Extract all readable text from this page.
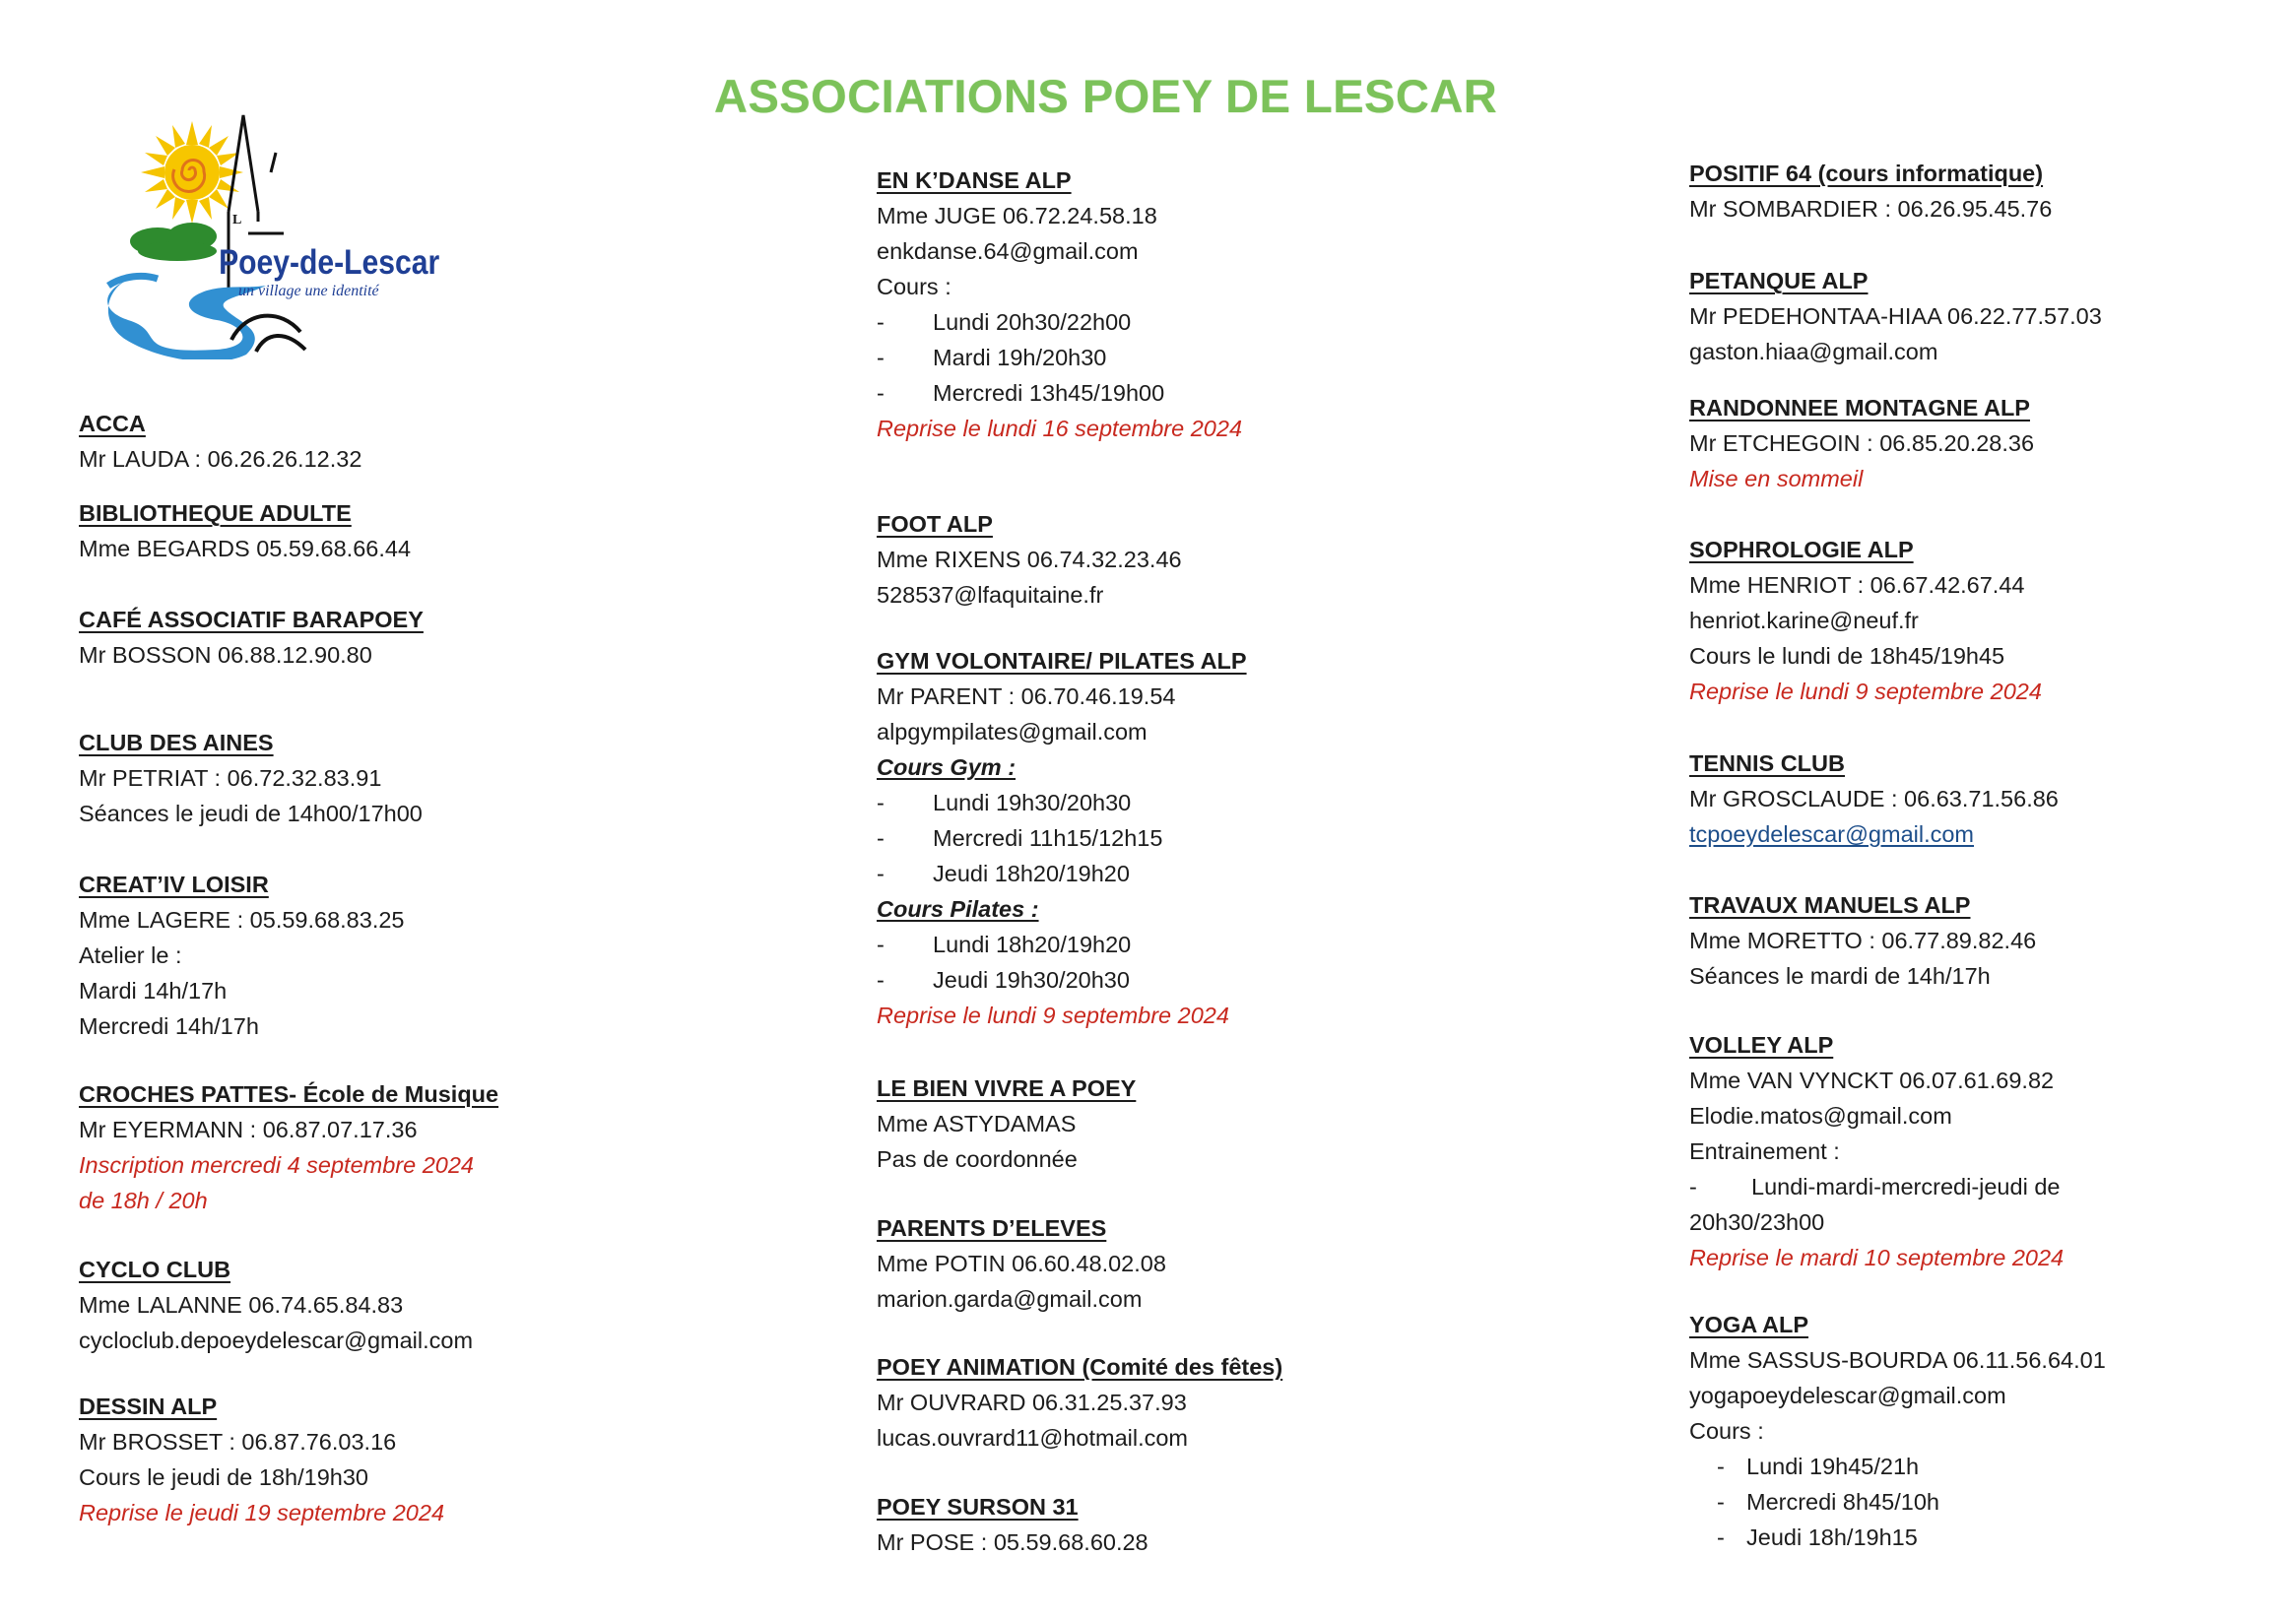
ASSOCIATIONS POEY DE LESCAR
L
Poey-de-Lescar
un village une identité
ACCA
Mr LAUDA : 06.26.26.12.32
BIBLIOTHEQUE ADULTE
Mme BEGARDS 05.59.68.66.44
CAFÉ ASSOCIATIF BARAPOEY
Mr BOSSON 06.88.12.90.80
CLUB DES AINES
Mr PETRIAT : 06.72.32.83.91
Séances le jeudi de 14h00/17h00
CREAT’IV LOISIR
Mme LAGERE : 05.59.68.83.25
Atelier le :
Mardi 14h/17h
Mercredi 14h/17h
CROCHES PATTES- École de Musique
Mr EYERMANN : 06.87.07.17.36
Inscription mercredi 4 septembre 2024
de 18h / 20h
CYCLO CLUB
Mme LALANNE 06.74.65.84.83
cycloclub.depoeydelescar@gmail.com
DESSIN ALP
Mr BROSSET : 06.87.76.03.16
Cours le jeudi de 18h/19h30
Reprise le jeudi 19 septembre 2024
EN K’DANSE ALP
Mme JUGE 06.72.24.58.18
enkdanse.64@gmail.com
Cours :
- Lundi 20h30/22h00
- Mardi 19h/20h30
- Mercredi 13h45/19h00
Reprise le lundi 16 septembre 2024
FOOT ALP
Mme RIXENS 06.74.32.23.46
528537@lfaquitaine.fr
GYM VOLONTAIRE/ PILATES ALP
Mr PARENT : 06.70.46.19.54
alpgympilates@gmail.com
Cours Gym :
- Lundi 19h30/20h30
- Mercredi 11h15/12h15
- Jeudi 18h20/19h20
Cours Pilates :
- Lundi 18h20/19h20
- Jeudi 19h30/20h30
Reprise le lundi 9 septembre 2024
LE BIEN VIVRE A POEY
Mme ASTYDAMAS
Pas de coordonnée
PARENTS D’ELEVES
Mme POTIN 06.60.48.02.08
marion.garda@gmail.com
POEY ANIMATION (Comité des fêtes)
Mr OUVRARD 06.31.25.37.93
lucas.ouvrard11@hotmail.com
POEY SURSON 31
Mr POSE : 05.59.68.60.28
POSITIF 64 (cours informatique)
Mr SOMBARDIER : 06.26.95.45.76
PETANQUE ALP
Mr PEDEHONTAA-HIAA 06.22.77.57.03
gaston.hiaa@gmail.com
RANDONNEE MONTAGNE ALP
Mr ETCHEGOIN : 06.85.20.28.36
Mise en sommeil
SOPHROLOGIE ALP
Mme HENRIOT : 06.67.42.67.44
henriot.karine@neuf.fr
Cours le lundi de 18h45/19h45
Reprise le lundi 9 septembre 2024
TENNIS CLUB
Mr GROSCLAUDE : 06.63.71.56.86
tcpoeydelescar@gmail.com
TRAVAUX MANUELS ALP
Mme MORETTO : 06.77.89.82.46
Séances le mardi de 14h/17h
VOLLEY ALP
Mme VAN VYNCKT 06.07.61.69.82
Elodie.matos@gmail.com
Entrainement :
- Lundi-mardi-mercredi-jeudi de
20h30/23h00
Reprise le mardi 10 septembre 2024
YOGA ALP
Mme SASSUS-BOURDA 06.11.56.64.01
yogapoeydelescar@gmail.com
Cours :
- Lundi 19h45/21h
- Mercredi 8h45/10h
- Jeudi 18h/19h15
